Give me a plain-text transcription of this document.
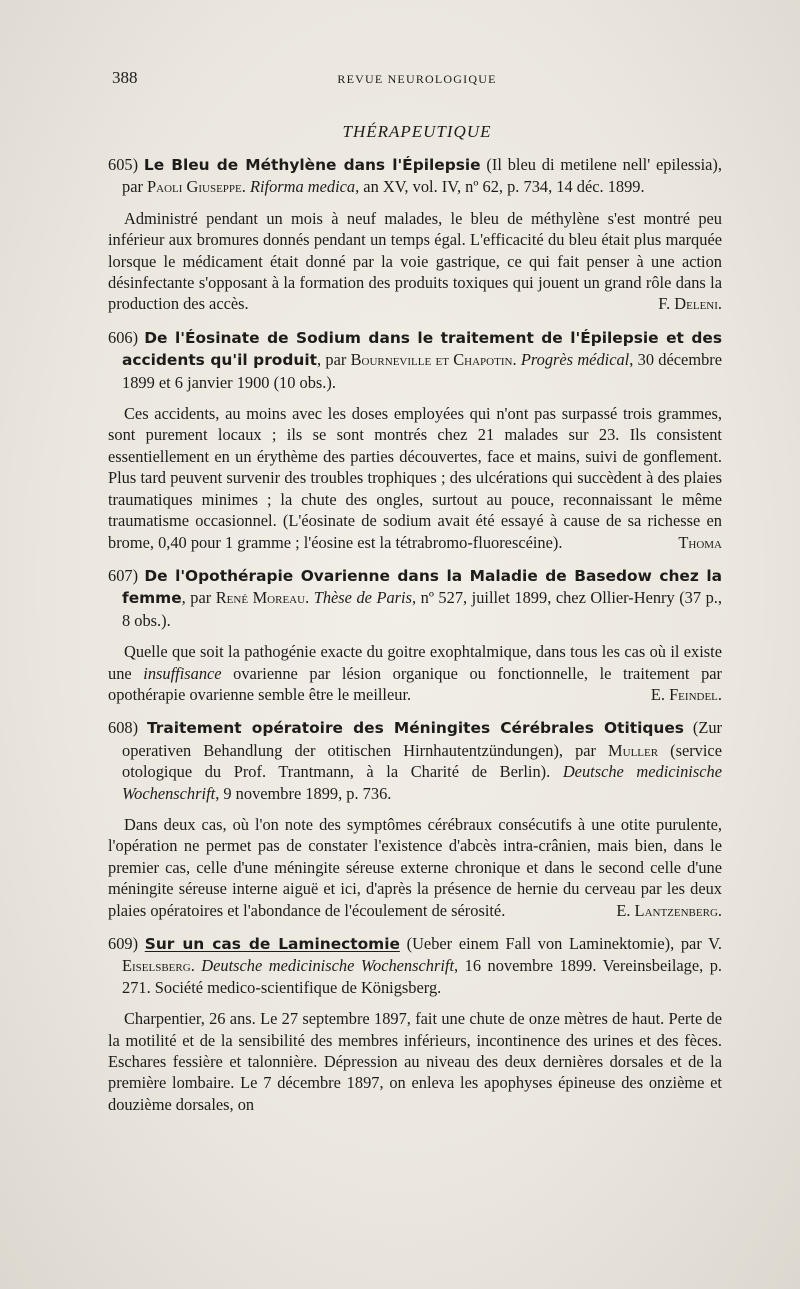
388	REVUE NEUROLOGIQUE
THÉRAPEUTIQUE

605) Le Bleu de Méthylène dans l'Épilepsie (Il bleu di metilene nell' epilessia), par Paoli Giuseppe. Riforma medica, an XV, vol. IV, nº 62, p. 734, 14 déc. 1899.

Administré pendant un mois à neuf malades, le bleu de méthylène s'est montré peu inférieur aux bromures donnés pendant un temps égal. L'efficacité du bleu était plus marquée lorsque le médicament était donné par la voie gastrique, ce qui fait penser à une action désinfectante s'opposant à la formation des produits toxiques qui jouent un grand rôle dans la production des accès.	F. Deleni.

606) De l'Éosinate de Sodium dans le traitement de l'Épilepsie et des accidents qu'il produit, par Bourneville et Chapotin. Progrès médical, 30 décembre 1899 et 6 janvier 1900 (10 obs.).

Ces accidents, au moins avec les doses employées qui n'ont pas surpassé trois grammes, sont purement locaux ; ils se sont montrés chez 21 malades sur 23. Ils consistent essentiellement en un érythème des parties découvertes, face et mains, suivi de gonflement. Plus tard peuvent survenir des troubles trophiques ; des ulcérations qui succèdent à des plaies traumatiques minimes ; la chute des ongles, surtout au pouce, reconnaissant le même traumatisme occasionnel. (L'éosinate de sodium avait été essayé à cause de sa richesse en brome, 0,40 pour 1 gramme ; l'éosine est la tétrabromo-fluorescéine).	Thoma

607) De l'Opothérapie Ovarienne dans la Maladie de Basedow chez la femme, par René Moreau. Thèse de Paris, nº 527, juillet 1899, chez Ollier-Henry (37 p., 8 obs.).

Quelle que soit la pathogénie exacte du goitre exophtalmique, dans tous les cas où il existe une insuffisance ovarienne par lésion organique ou fonctionnelle, le traitement par opothérapie ovarienne semble être le meilleur.	E. Feindel.

608) Traitement opératoire des Méningites Cérébrales Otitiques (Zur operativen Behandlung der otitischen Hirnhautentzündungen), par Muller (service otologique du Prof. Trantmann, à la Charité de Berlin). Deutsche medicinische Wochenschrift, 9 novembre 1899, p. 736.

Dans deux cas, où l'on note des symptômes cérébraux consécutifs à une otite purulente, l'opération ne permet pas de constater l'existence d'abcès intra-crânien, mais bien, dans le premier cas, celle d'une méningite séreuse externe chronique et dans le second celle d'une méningite séreuse interne aiguë et ici, d'après la présence de hernie du cerveau par les deux plaies opératoires et l'abondance de l'écoulement de sérosité.	E. Lantzenberg.

609) Sur un cas de Laminectomie (Ueber einem Fall von Laminektomie), par V. Eiselsberg. Deutsche medicinische Wochenschrift, 16 novembre 1899. Vereinsbeilage, p. 271. Société medico-scientifique de Königsberg.

Charpentier, 26 ans. Le 27 septembre 1897, fait une chute de onze mètres de haut. Perte de la motilité et de la sensibilité des membres inférieurs, incontinence des urines et des fèces. Eschares fessière et talonnière. Dépression au niveau des deux dernières dorsales et de la première lombaire. Le 7 décembre 1897, on enleva les apophyses épineuse des onzième et douzième dorsales, on
